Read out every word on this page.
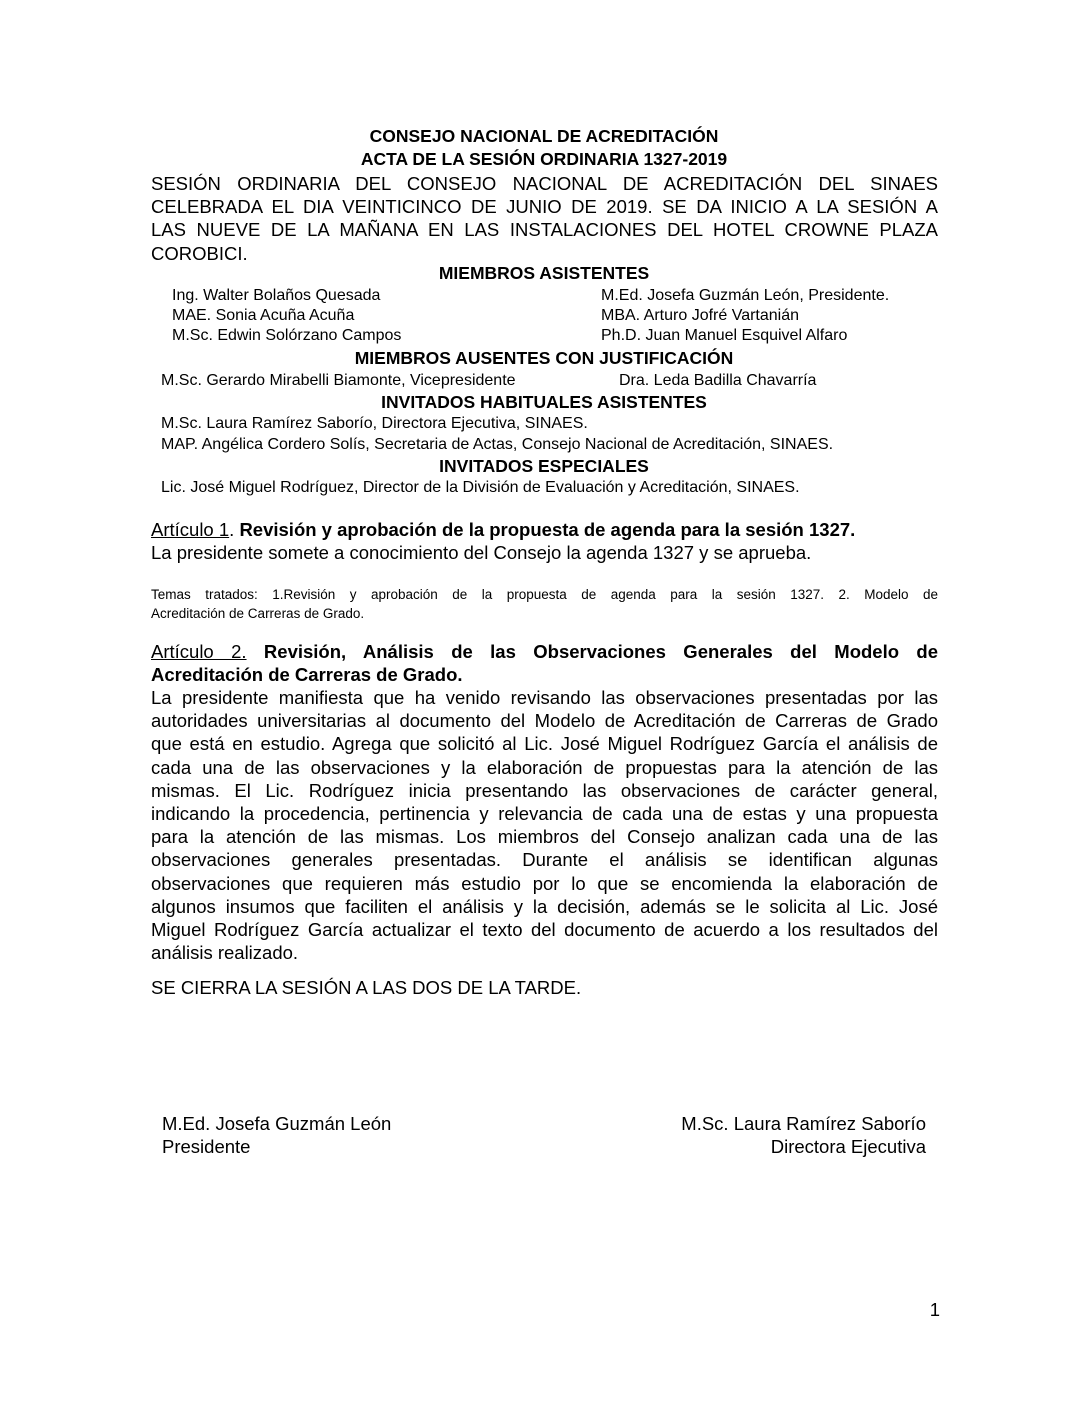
CONSEJO NACIONAL DE ACREDITACIÓN
ACTA DE LA SESIÓN ORDINARIA 1327-2019
SESIÓN ORDINARIA DEL CONSEJO NACIONAL DE ACREDITACIÓN DEL SINAES
CELEBRADA EL DIA VEINTICINCO DE JUNIO DE 2019. SE DA INICIO A LA SESIÓN A
LAS NUEVE DE LA MAÑANA EN LAS INSTALACIONES DEL HOTEL CROWNE PLAZA
COROBICI.
MIEMBROS ASISTENTES
Ing. Walter Bolaños Quesada
MAE. Sonia Acuña Acuña
M.Sc. Edwin Solórzano Campos
M.Ed. Josefa Guzmán León, Presidente.
MBA. Arturo Jofré Vartanián
Ph.D. Juan Manuel Esquivel Alfaro
MIEMBROS AUSENTES CON JUSTIFICACIÓN
M.Sc. Gerardo Mirabelli Biamonte, Vicepresidente	Dra. Leda Badilla Chavarría
INVITADOS HABITUALES ASISTENTES
M.Sc. Laura Ramírez Saborío, Directora Ejecutiva, SINAES.
MAP. Angélica Cordero Solís, Secretaria de Actas, Consejo Nacional de Acreditación, SINAES.
INVITADOS ESPECIALES
Lic. José Miguel Rodríguez, Director de la División de Evaluación y Acreditación, SINAES.
Artículo 1. Revisión y aprobación de la propuesta de agenda para la sesión 1327.
La presidente somete a conocimiento del Consejo la agenda 1327 y se aprueba.
Temas tratados: 1.Revisión y aprobación de la propuesta de agenda para la sesión 1327. 2. Modelo de
Acreditación de Carreras de Grado.
Artículo 2. Revisión, Análisis de las Observaciones Generales del Modelo de
Acreditación de Carreras de Grado.
La presidente manifiesta que ha venido revisando las observaciones presentadas por las
autoridades universitarias al documento del Modelo de Acreditación de Carreras de Grado
que está en estudio. Agrega que solicitó al Lic. José Miguel Rodríguez García el análisis de
cada una de las observaciones y la elaboración de propuestas para la atención de las
mismas. El Lic. Rodríguez inicia presentando las observaciones de carácter general,
indicando la procedencia, pertinencia y relevancia de cada una de estas y una propuesta
para la atención de las mismas. Los miembros del Consejo analizan cada una de las
observaciones generales presentadas. Durante el análisis se identifican algunas
observaciones que requieren más estudio por lo que se encomienda la elaboración de
algunos insumos que faciliten el análisis y la decisión, además se le solicita al Lic. José
Miguel Rodríguez García actualizar el texto del documento de acuerdo a los resultados del
análisis realizado.
SE CIERRA LA SESIÓN A LAS DOS DE LA TARDE.
M.Ed. Josefa Guzmán León
Presidente
M.Sc. Laura Ramírez Saborío
Directora Ejecutiva
1
